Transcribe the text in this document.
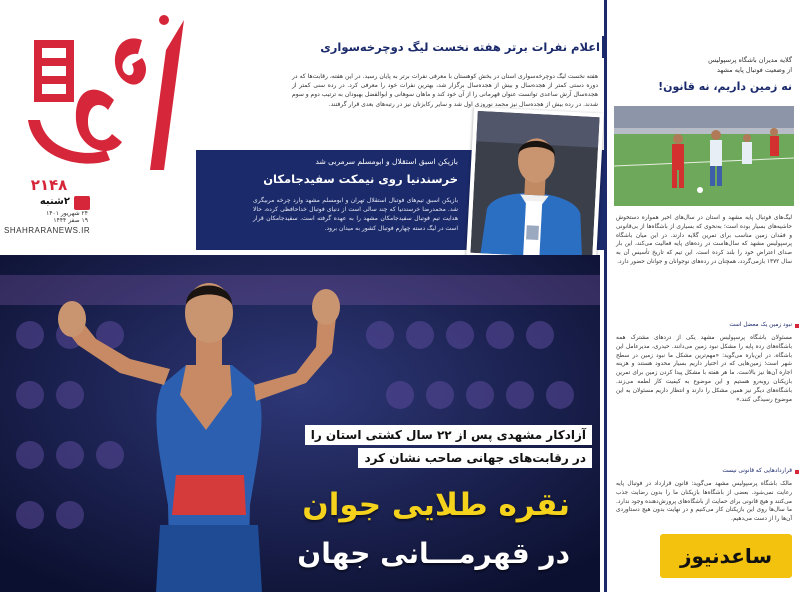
۲۱۴۸
۲شنبه
۲۴ شهریور ۱۴۰۱
۱۹ صفر ۱۴۴۴
SHAHRARANEWS.IR
اعلام نفرات برتر هفته نخست لیگ دوچرخه‌سواری

هفته نخست لیگ دوچرخه‌سواری استان در بخش کوهستان با معرفی نفرات برتر به پایان رسید. در این هفته، رقابت‌ها که در دوره دستی کمتر از هجده‌سال و بیش از هجده‌سال برگزار شد، بهترین نفرات خود را معرفی کرد. در رده سنی کمتر از هجده‌سال آرش ساعدی توانست عنوان قهرمانی را از آن خود کند و ماهان سوهانی و ابوالفضل بهبودان به ترتیب دوم و سوم شدند. در رده بیش از هجده‌سال نیز محمد نوروزی اول شد و سایر رکابزنان نیز در رتبه‌های بعدی قرار گرفتند.

بازیکن اسبق استقلال و ابومسلم سرمربی شد
خرسندنیا روی نیمکت سفیدجامکان

بازیکن اسبق تیم‌های فوتبال استقلال تهران و ابومسلم مشهد وارد چرخه مربیگری شد. محمدرضا خرسندنیا که چند سالی است از دنیای فوتبال خداحافظی کرده، حالا هدایت تیم فوتبال سفیدجامکان مشهد را به عهده گرفته است. سفیدجامکان قرار است در لیگ دسته چهارم فوتبال کشور به میدان برود.

آزادکار مشهدی پس از ۲۲ سال کشتی استان را
در رقابت‌های جهانی صاحب نشان کرد
نقره طلایی جوان
در قهرمـــانی جهان
گلایه مدیران باشگاه پرسپولیس
از وضعیت فوتبال پایه مشهد
نه زمین داریم، نه قانون!

لیگ‌های فوتبال پایه مشهد و استان در سال‌های اخیر همواره دستخوش حاشیه‌های بسیار بوده است؛ به‌نحوی که بسیاری از باشگاه‌ها از بی‌قانونی و فقدان زمین مناسب برای تمرین گلایه دارند. در این میان باشگاه پرسپولیس مشهد که سال‌هاست در رده‌های پایه فعالیت می‌کند، این بار صدای اعتراض خود را بلند کرده است. این تیم که تاریخ تأسیس آن به سال ۱۳۷۲ بازمی‌گردد، همچنان در رده‌های نوجوانان و جوانان حضور دارد.

نبود زمین یک معضل است

مسئولان باشگاه پرسپولیس مشهد یکی از دردهای مشترک همه باشگاه‌های رده پایه را مشکل نبود زمین می‌دانند. حیدری، مدیرعامل این باشگاه، در این‌باره می‌گوید: «مهم‌ترین مشکل ما نبود زمین در سطح شهر است؛ زمین‌هایی که در اختیار داریم بسیار محدود هستند و هزینه اجاره آن‌ها نیز بالاست. ما هر هفته با مشکل پیدا کردن زمین برای تمرین بازیکنان روبه‌رو هستیم و این موضوع به کیفیت کار لطمه می‌زند. باشگاه‌های دیگر نیز همین مشکل را دارند و انتظار داریم مسئولان به این موضوع رسیدگی کنند.»

قراردادهایی که قانونی نیست

مالک باشگاه پرسپولیس مشهد می‌گوید: قانون قرارداد در فوتبال پایه رعایت نمی‌شود. بعضی از باشگاه‌ها بازیکنان ما را بدون رضایت جذب می‌کنند و هیچ قانونی برای حمایت از باشگاه‌های پرورش‌دهنده وجود ندارد. ما سال‌ها روی این بازیکنان کار می‌کنیم و در نهایت بدون هیچ دستاوردی آن‌ها را از دست می‌دهیم.

ساعدنیوز
